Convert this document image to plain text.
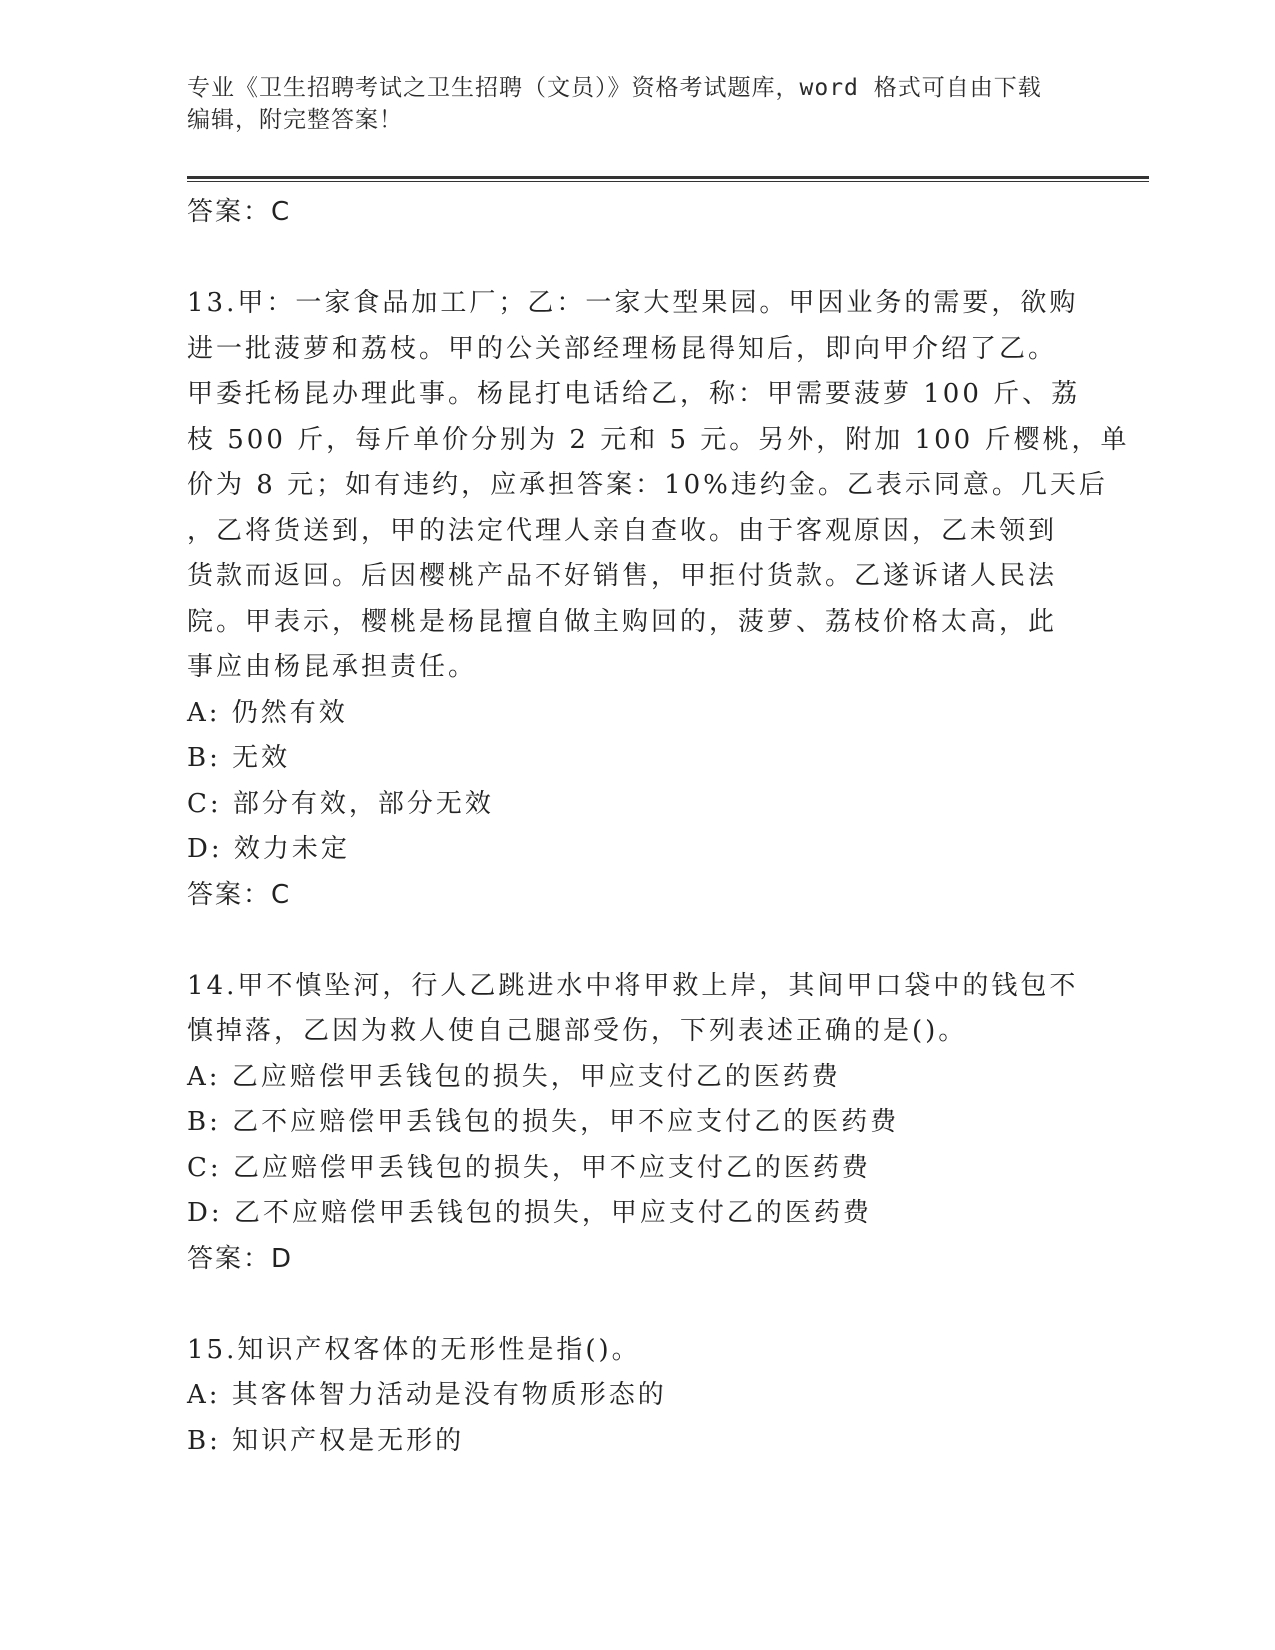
专业《卫生招聘考试之卫生招聘（文员）》资格考试题库，word 格式可自由下载
编辑，附完整答案！

答案：C

13.甲：一家食品加工厂；乙：一家大型果园。甲因业务的需要，欲购

进一批菠萝和荔枝。甲的公关部经理杨昆得知后，即向甲介绍了乙。

甲委托杨昆办理此事。杨昆打电话给乙，称：甲需要菠萝 100 斤、荔

枝 500 斤，每斤单价分别为 2 元和 5 元。另外，附加 100 斤樱桃，单

价为 8 元；如有违约，应承担答案：10%违约金。乙表示同意。几天后

，乙将货送到，甲的法定代理人亲自查收。由于客观原因，乙未领到

货款而返回。后因樱桃产品不好销售，甲拒付货款。乙遂诉诸人民法

院。甲表示，樱桃是杨昆擅自做主购回的，菠萝、荔枝价格太高，此

事应由杨昆承担责任。

A: 仍然有效

B: 无效

C: 部分有效，部分无效

D: 效力未定

答案：C

14.甲不慎坠河，行人乙跳进水中将甲救上岸，其间甲口袋中的钱包不

慎掉落，乙因为救人使自己腿部受伤，下列表述正确的是()。

A: 乙应赔偿甲丢钱包的损失，甲应支付乙的医药费

B: 乙不应赔偿甲丢钱包的损失，甲不应支付乙的医药费

C: 乙应赔偿甲丢钱包的损失，甲不应支付乙的医药费

D: 乙不应赔偿甲丢钱包的损失，甲应支付乙的医药费

答案：D

15.知识产权客体的无形性是指()。

A: 其客体智力活动是没有物质形态的

B: 知识产权是无形的
